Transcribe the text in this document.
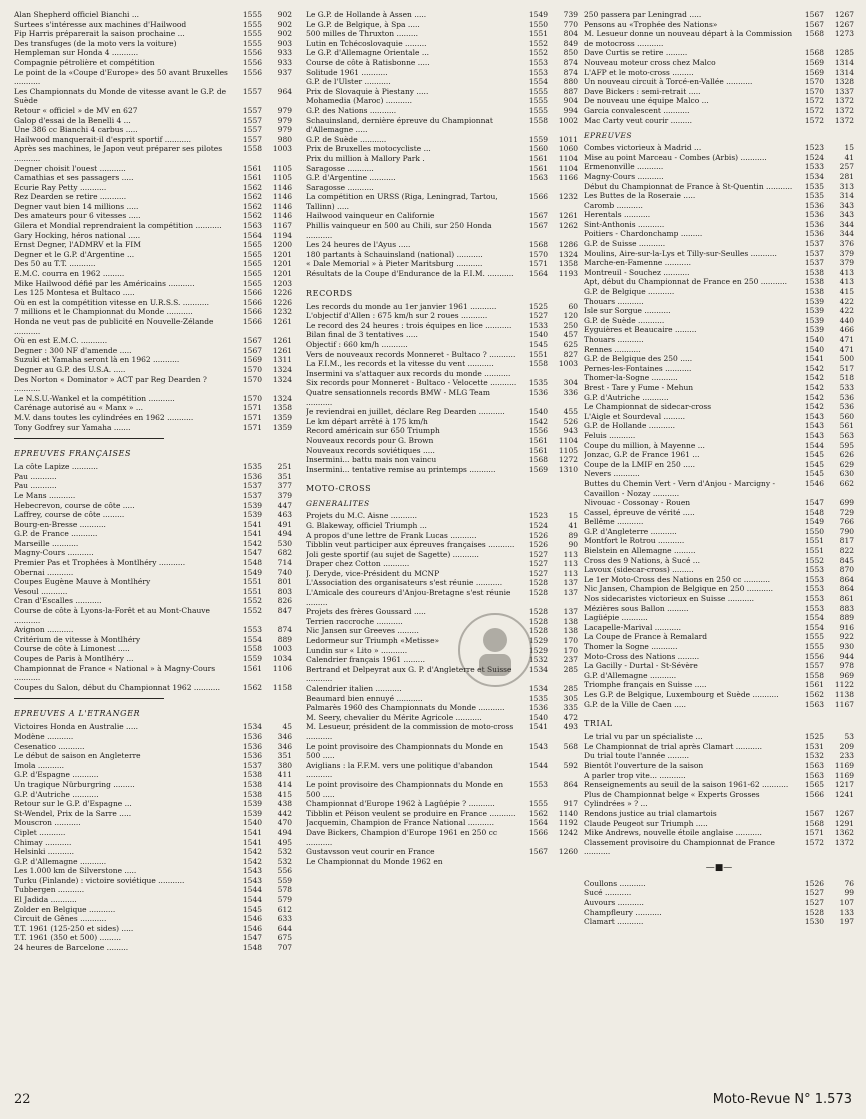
Alan Shepherd officiel Bianchi ...	1555	902
Surtees s'intéresse aux machines d'Hailwood	1555	902
Fip Harris préparerait la saison prochaine ...	1555	902
Des transfuges (de la moto vers la voiture)	1555	903
Hempleman sur Honda 4 ...........	1556	933
Compagnie pétrolière et compétition	1556	933
Le point de la «Coupe d'Europe» des 50 avant Bruxelles ...........
1556	937
Les Championnats du Monde de vitesse avant le G.P. de Suède
1557	964
Retour « officiel » de MV en 627	1557	979
Galop d'essai de la Benelli 4 ...	1557	979
Une 386 cc Bianchi 4 carbus .....	1557	979
Hailwood manquerait-il d'esprit sportif ...........	1557	980
Après ses machines, le Japon veut préparer ses pilotes ...........
1558	1003
Degner choisit l'ouest ...........	1561	1105
Camathias et ses passagers .....	1561	1105
Ecurie Ray Petty ...........	1562	1146
Rez Dearden se retire ...........	1562	1146
Degner vaut bien 14 millions .....	1562	1146
Des amateurs pour 6 vitesses .....	1562	1146
Gilera et Mondial reprendraient la compétition ...........	1563	1167
Gary Hocking, héros national .....	1564	1194
Ernst Degner, l'ADMRV et la FIM	1565	1200
Degner et le G.P. d'Argentine ...	1565	1201
Des 50 au T.T. ...........	1565	1201
E.M.C. courra en 1962 .........	1565	1201
Mike Hailwood défié par les Américains ...........	1565	1203
Les 125 Montesa et Bultaco .....	1566	1226
Où en est la compétition vitesse en U.R.S.S. ...........	1566	1226
7 millions et le Championnat du Monde ...........	1566	1232
Honda ne veut pas de publicité en Nouvelle-Zélande ...........
1566	1261
Où en est E.M.C. ...........	1567	1261
Degner : 300 NF d'amende .....	1567	1261
Suzuki et Yamaha seront là en 1962 ...........	1569	1311
Degner au G.P. des U.S.A. .....	1570	1324
Des Norton « Dominator » ACT par Reg Dearden ? ...........
1570	1324
Le N.S.U.-Wankel et la compétition ...........	1570	1324
Carénage autorisé au « Manx » ...	1571	1358
M.V. dans toutes les cylindrées en 1962 ...........	1571	1359
Tony Godfrey sur Yamaha .......	1571	1359
EPREUVES FRANÇAISES
La côte Lapize ...........	1535	251
Pau ...........	1536	351
Pau ...........	1537	377
Le Mans ...........	1537	379
Hebecrevon, course de côte .....	1539	447
Laffrey, course de côte .........	1539	463
Bourg-en-Bresse ...........	1541	491
G.P. de France ...........	1541	494
Marseille ...........	1542	530
Magny-Cours ...........	1547	682
Premier Pas et Trophées à Montlhéry ...........	1548	714
Obernai ...........	1549	740
Coupes Eugène Mauve à Montlhéry	1551	801
Vesoul ...........	1551	803
Cran d'Escalles ...........	1552	826
Course de côte à Lyons-la-Forêt et au Mont-Chauve ...........
1552	847
Avignon ...........	1553	874
Critérium de vitesse à Montlhéry	1554	889
Course de côte à Limonest .....	1558	1003
Coupes de Paris à Montlhéry ...	1559	1034
Championnat de France « National » à Magny-Cours ...........
1561	1106
Coupes du Salon, début du Championnat 1962 ...........	1562	1158
EPREUVES A L'ETRANGER
Victoires Honda en Australie .....	1534	45
Modène ...........	1536	346
Cesenatico ...........	1536	346
Le début de saison en Angleterre	1536	351
Imola ...........	1537	380
G.P. d'Espagne ...........	1538	411
Un tragique Nürburgring .........	1538	414
G.P. d'Autriche ...........	1538	415
Retour sur le G.P. d'Espagne ...	1539	438
St-Wendel, Prix de la Sarre .....	1539	442
Mouscron ...........	1540	470
Ciplet ...........	1541	494
Chimay ...........	1541	495
Helsinki ...........	1542	532
G.P. d'Allemagne ...........	1542	532
Les 1.000 km de Silverstone .....	1543	556
Turku (Finlande) : victoire soviétique ...........	1543	559
Tubbergen ...........	1544	578
El Jadida ...........	1544	579
Zolder en Belgique ...........	1545	612
Circuit de Gênes ...........	1546	633
T.T. 1961 (125-250 et sides) .....	1546	644
T.T. 1961 (350 et 500) .........	1547	675
24 heures de Barcelone .........	1548	707
Le G.P. de Hollande à Assen .....	1549	739
Le G.P. de Belgique, à Spa .....	1550	770
500 milles de Thruxton .........	1551	804
Lutin en Tchécoslovaquie .........	1552	849
Le G.P. d'Allemagne Orientale ...	1552	850
Course de côte à Ratisbonne .....	1553	874
Solitude 1961 ...........	1553	874
G.P. de l'Ulster ...........	1554	880
Prix de Slovaquie à Piestany .....	1555	887
Mohamedia (Maroc) ...........	1555	904
G.P. des Nations ...........	1555	994
Schauinsland, dernière épreuve du Championnat d'Allemagne .....
1558	1002
G.P. de Suède ...........	1559	1011
Prix de Bruxelles motocycliste ...	1560	1060
Prix du million à Mallory Park .	1561	1104
Saragosse ...........	1561	1104
G.P. d'Argentine ...........	1563	1166
Saragosse ...........
La compétition en URSS (Riga, Leningrad, Tartou, Tallinn) .....
1566	1232
Hailwood vainqueur en Californie	1567	1261
Phillis vainqueur en 500 au Chili, sur 250 Honda ...........
1567	1262
Les 24 heures de l'Ayus .....	1568	1286
180 partants à Schauinsland (national) ...........	1570	1324
« Dale Memorial » à Pieter Maritsburg ...........	1571	1358
Résultats de la Coupe d'Endurance de la F.I.M. ...........	1564	1193
RECORDS
Les records du monde au 1er janvier 1961 ...........	1525	60
L'objectif d'Allen : 675 km/h sur 2 roues ...........	1527	120
Le record des 24 heures : trois équipes en lice ...........	1533	250
Bilan final de 3 tentatives .....	1540	457
Objectif : 660 km/h ...........	1545	625
Vers de nouveaux records Monneret - Bultaco ? ...........	1551	827
La F.I.M., les records et la vitesse du vent ...........	1558	1003
Insermini va s'attaquer aux records du monde ...........
Six records pour Monneret - Bultaco - Velocette ...........	1535	304
Quatre sensationnels records BMW - MLG Team ...........
1536	336
Je reviendrai en juillet, déclare Reg Dearden ...........	1540	455
Le km départ arrêté à 175 km/h	1542	526
Record américain sur 650 Triumph	1556	943
Nouveaux records pour G. Brown	1561	1104
Nouveaux records soviétiques .....	1561	1105
Insermini... battu mais non vaincu	1568	1272
Insermini... tentative remise au printemps ...........	1569	1310
MOTO-CROSS
GENERALITES
Projets du M.C. Aisne ...........	1523	15
G. Blakeway, officiel Triumph ...	1524	41
A propos d'une lettre de Frank Lucas ...........	1526	89
Tibblin veut participer aux épreuves françaises ...........	1526	90
Joli geste sportif (au sujet de Sagette) ...........	1527	113
Draper chez Cotton ...........	1527	113
J. Deryde, vice-Président du MCNP	1527	113
L'Association des organisateurs s'est réunie ...........	1528	137
L'Amicale des coureurs d'Anjou-Bretagne s'est réunie .........
1528	137
Projets des frères Goussard .....	1528	137
Terrien raccroche ...........	1528	138
Nic Jansen sur Greeves .........	1528	138
Ledormeur sur Triumph «Metisse»	1529	170
Lundin sur « Lito » ...........	1529	170
Calendrier français 1961 .........	1532	237
Bertrand et Delpeyrat aux G. P. d'Angleterre et Suisse ...........
1534	285
Calendrier italien ...........	1534	285
Beaumard bien ennuyé ...........	1535	305
Palmarès 1960 des Championnats du Monde ...........	1536	335
M. Seery, chevalier du Mérite Agricole ...........	1540	472
M. Lesueur, président de la commission de moto-cross ...........
1541	493
Le point provisoire des Championnats du Monde en 500 .....
1543	568
Aviglians : la F.F.M. vers une politique d'abandon ...........
1544	592
Le point provisoire des Championnats du Monde en 500 .....
1553	864
Championnat d'Europe 1962 à Lagüépie ? ...........	1555	917
Tibblin et Péison veulent se produire en France ...........	1562	1140
Jacquemin, Champion de France National ...........	1564	1192
Dave Bickers, Champion d'Europe 1961 en 250 cc ...........
1566	1242
Gustavsson veut courir en France	1567	1260
Le Championnat du Monde 1962 en
250 passera par Leningrad .....	1567	1267
Pensons au «Trophée des Nations»	1567	1267
M. Lesueur donne un nouveau départ à la Commission de motocross ...........
1568	1273
Dave Curtis se retire .........	1568	1285
Nouveau moteur cross chez Malco	1569	1314
L'AFP et le moto-cross .........	1569	1314
Un nouveau circuit à Torcé-en-Vallée ...........	1570	1328
Dave Bickers : semi-retrait .....	1570	1337
De nouveau une équipe Malco ...	1572	1372
Garcia convalescent ...........	1572	1372
Mac Carty veut courir .........	1572	1372
EPREUVES
Combes victorieux à Madrid ...	1523	15
Mise au point Marceau - Combes (Arbis) ...........	1524	41
Ermenonville ...........	1533	257
Magny-Cours ...........	1534	281
Début du Championnat de France à St-Quentin ...........	1535	313
Les Buttes de la Roseraie .....	1535	314
Caromb ...........	1536	343
Herentals ...........	1536	343
Sint-Anthonis ...........	1536	344
Poitiers - Chardonchamp .........	1536	344
G.P. de Suisse ...........	1537	376
Moulins, Aire-sur-la-Lys et Tilly-sur-Seulles ...........	1537	379
Marche-en-Famenne ...........	1537	379
Montreuil - Souchez ...........	1538	413
Apt, début du Championnat de France en 250 ...........	1538	413
G.P. de Belgique ...........	1538	415
Thouars ...........	1539	422
Isle sur Sorgue ...........	1539	422
G.P. de Suède ...........	1539	440
Eyguières et Beaucaire .........	1539	466
Thouars ...........	1540	471
Rennes ...........	1540	471
G.P. de Belgique des 250 .....	1541	500
Pernes-les-Fontaines ...........	1542	517
Thomer-la-Sogne ...........	1542	518
Brest - Tare y Fume - Mehun	1542	533
G.P. d'Autriche ...........	1542	536
Le Championnat de sidecar-cross	1542	536
L'Aigle et Sourdeval .........	1543	560
G.P. de Hollande ...........	1543	561
Feluis ...........	1543	563
Coupe du million, à Mayenne ...	1544	595
Jonzac, G.P. de France 1961 ...	1545	626
Coupe de la LMIF en 250 .....	1545	629
Nevers ...........	1545	630
Buttes du Chemin Vert - Vern d'Anjou - Marcigny - Cavaillon - Nozay ...........
1546	662
Nivouac - Cossonay - Rouen	1547	699
Cassel, épreuve de vérité .....	1548	729
Bellême ...........	1549	766
G.P. d'Angleterre ...........	1550	790
Montfort le Rotrou ...........	1551	817
Bielstein en Allemagne .........	1551	822
Cross des 9 Nations, à Sucé ...	1552	845
Lavoux (sidecar-cross) .........	1553	870
Le 1er Moto-Cross des Nations en 250 cc ...........	1553	864
Nic Jansen, Champion de Belgique en 250 ...........	1553	864
Nos sidecaristes victorieux en Suisse ...........	1553	861
Mézières sous Ballon .........	1553	883
Lagüépie ...........	1554	889
Lacapelle-Marival ...........	1554	916
La Coupe de France à Remalard	1555	922
Thomer la Sogne ...........	1555	930
Moto-Cross des Nations .........	1556	944
La Gacilly - Durtal - St-Sévère	1557	978
G.P. d'Allemagne ...........	1558	969
Triomphe français en Suisse .....	1561	1122
Les G.P. de Belgique, Luxembourg et Suède ...........	1562	1138
G.P. de la Ville de Caen .....	1563	1167
TRIAL
Le trial vu par un spécialiste ...	1525	53
Le Championnat de trial après Clamart ...........	1531	209
Du trial toute l'année .........	1532	233
Bientôt l'ouverture de la saison	1563	1169
A parler trop vite... ...........	1563	1169
Renseignements au seuil de la saison 1961-62 ...........	1565	1217
Plus de Championnat belge « Experts Grosses Cylindrées » ? ...
1566	1241
Rendons justice au trial clamartois	1567	1267
Claude Peugeot sur Triumph .....	1568	1291
Mike Andrews, nouvelle étoile anglaise ...........	1571	1362
Classement provisoire du Championnat de France ...........
1572	1372
—■—
Coullons ...........	1526	76
Sucé ...........	1527	99
Auvours ...........	1527	107
Champfleury ...........	1528	133
Clamart ...........	1530	197
22	Moto-Revue N° 1.573
